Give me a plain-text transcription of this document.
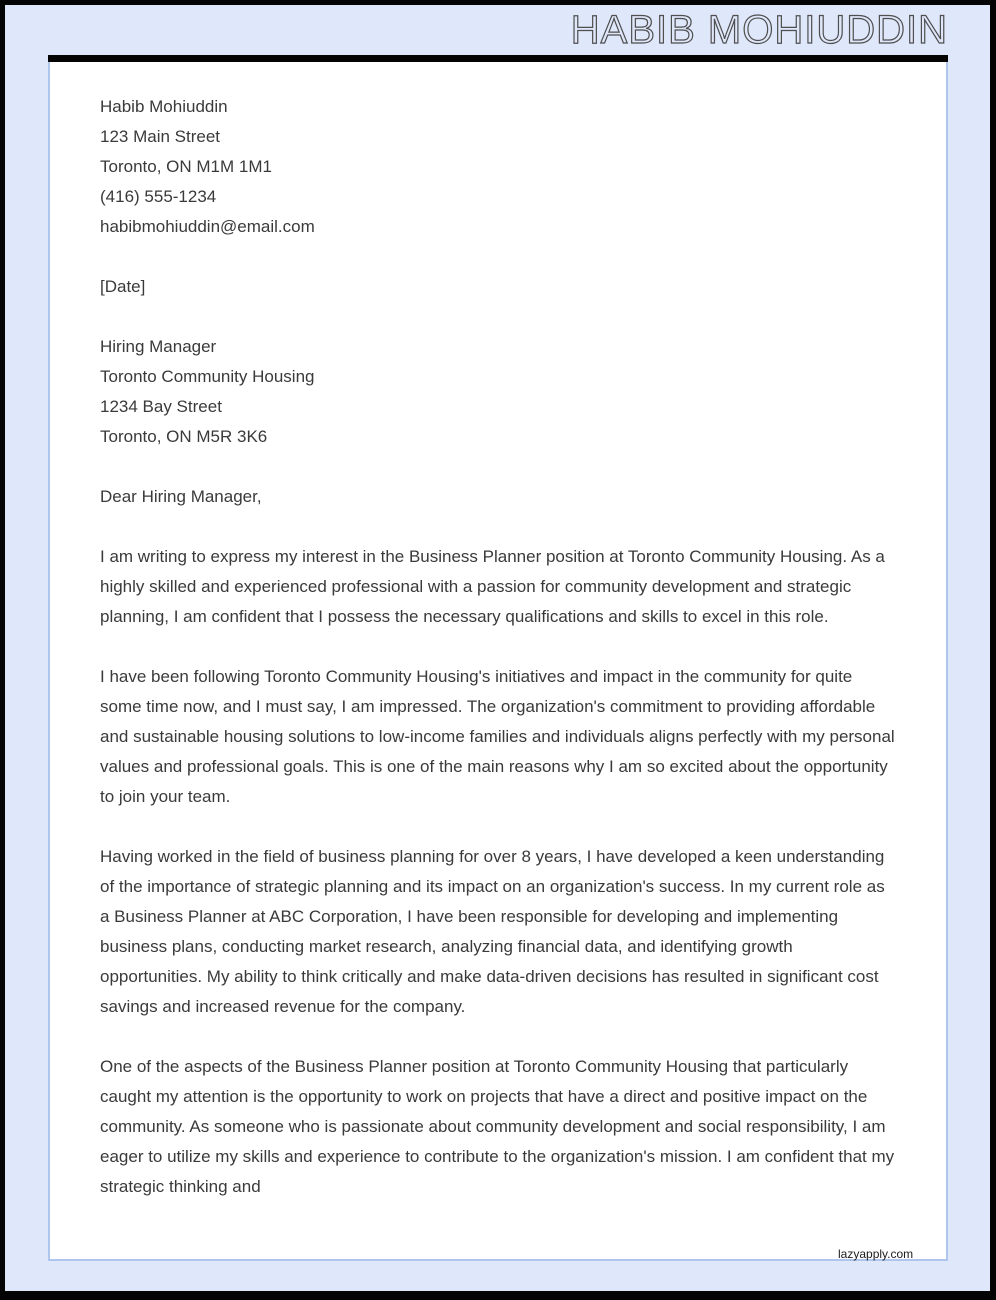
HABIB MOHIUDDIN
Habib Mohiuddin
123 Main Street
Toronto, ON M1M 1M1
(416) 555-1234
habibmohiuddin@email.com
[Date]
Hiring Manager
Toronto Community Housing
1234 Bay Street
Toronto, ON M5R 3K6
Dear Hiring Manager,

I am writing to express my interest in the Business Planner position at Toronto Community Housing. As a highly skilled and experienced professional with a passion for community development and strategic planning, I am confident that I possess the necessary qualifications and skills to excel in this role.

I have been following Toronto Community Housing's initiatives and impact in the community for quite some time now, and I must say, I am impressed. The organization's commitment to providing affordable and sustainable housing solutions to low-income families and individuals aligns perfectly with my personal values and professional goals. This is one of the main reasons why I am so excited about the opportunity to join your team.

Having worked in the field of business planning for over 8 years, I have developed a keen understanding of the importance of strategic planning and its impact on an organization's success. In my current role as a Business Planner at ABC Corporation, I have been responsible for developing and implementing business plans, conducting market research, analyzing financial data, and identifying growth opportunities. My ability to think critically and make data-driven decisions has resulted in significant cost savings and increased revenue for the company.

One of the aspects of the Business Planner position at Toronto Community Housing that particularly caught my attention is the opportunity to work on projects that have a direct and positive impact on the community. As someone who is passionate about community development and social responsibility, I am eager to utilize my skills and experience to contribute to the organization's mission. I am confident that my strategic thinking and

lazyapply.com
